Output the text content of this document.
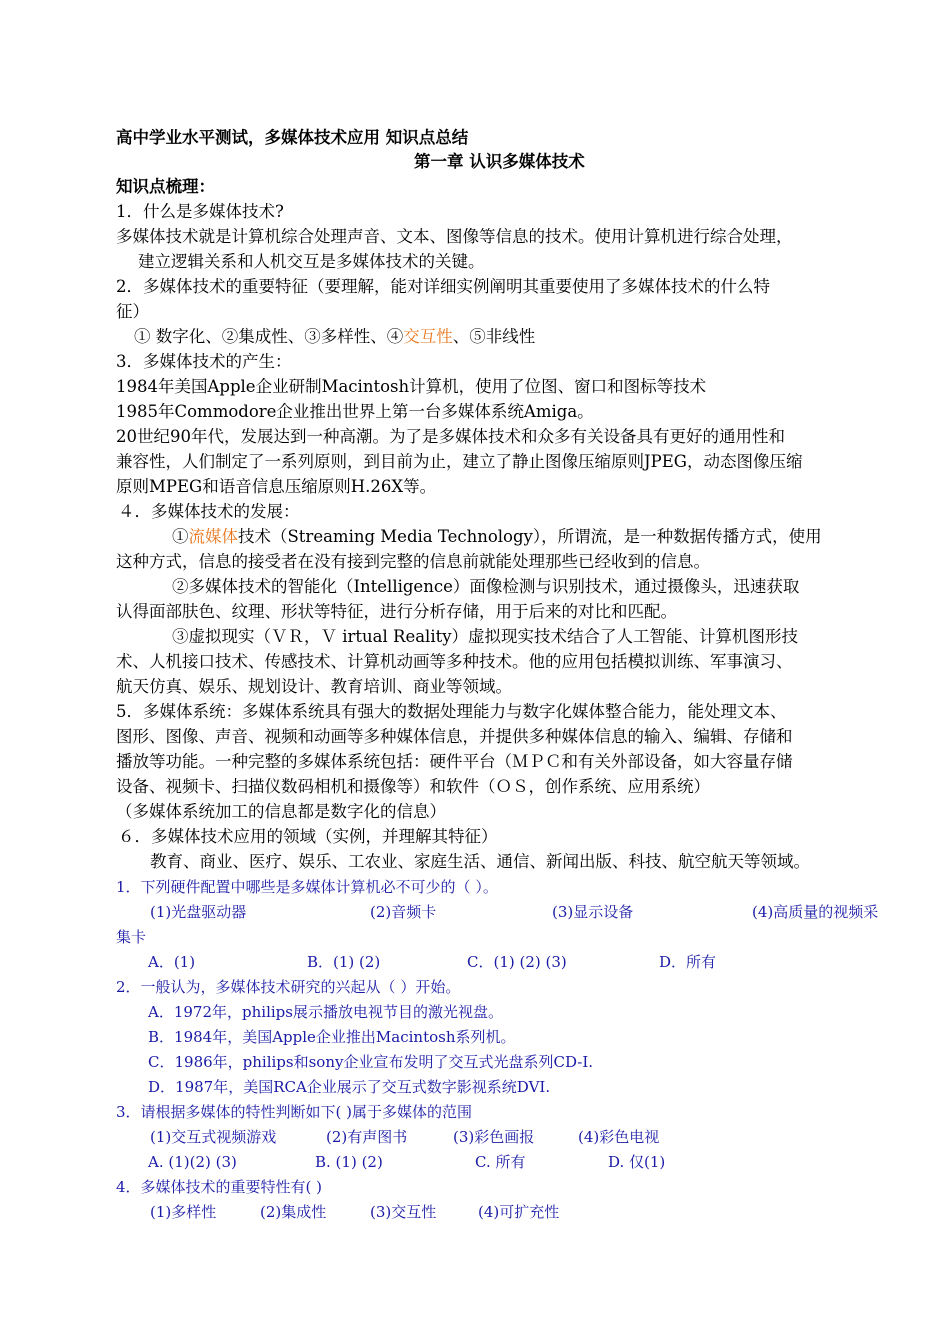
高中学业水平测试，多媒体技术应用 知识点总结
第一章 认识多媒体技术
知识点梳理：
1．什么是多媒体技术?
多媒体技术就是计算机综合处理声音、文本、图像等信息的技术。使用计算机进行综合处理，
建立逻辑关系和人机交互是多媒体技术的关键。
2．多媒体技术的重要特征（要理解，能对详细实例阐明其重要使用了多媒体技术的什么特
征）
① 数字化、②集成性、③多样性、④交互性、⑤非线性
3．多媒体技术的产生：
1984年美国Apple企业研制Macintosh计算机，使用了位图、窗口和图标等技术
1985年Commodore企业推出世界上第一台多媒体系统Amiga。
20世纪90年代，发展达到一种高潮。为了是多媒体技术和众多有关设备具有更好的通用性和
兼容性，人们制定了一系列原则，到目前为止，建立了静止图像压缩原则JPEG，动态图像压缩
原则MPEG和语音信息压缩原则H.26X等。
４．多媒体技术的发展：
①流媒体技术（Streaming Media Technology），所谓流，是一种数据传播方式，使用
这种方式，信息的接受者在没有接到完整的信息前就能处理那些已经收到的信息。
②多媒体技术的智能化（Intelligence）面像检测与识别技术，通过摄像头，迅速获取
认得面部肤色、纹理、形状等特征，进行分析存储，用于后来的对比和匹配。
③虚拟现实（ＶＲ，Ｖ irtual Reality）虚拟现实技术结合了人工智能、计算机图形技
术、人机接口技术、传感技术、计算机动画等多种技术。他的应用包括模拟训练、军事演习、
航天仿真、娱乐、规划设计、教育培训、商业等领域。
5．多媒体系统：多媒体系统具有强大的数据处理能力与数字化媒体整合能力，能处理文本、
图形、图像、声音、视频和动画等多种媒体信息，并提供多种媒体信息的输入、编辑、存储和
播放等功能。一种完整的多媒体系统包括：硬件平台（ＭＰＣ和有关外部设备，如大容量存储
设备、视频卡、扫描仪数码相机和摄像等）和软件（ＯＳ，创作系统、应用系统）
（多媒体系统加工的信息都是数字化的信息）
６．多媒体技术应用的领域（实例，并理解其特征）
教育、商业、医疗、娱乐、工农业、家庭生活、通信、新闻出版、科技、航空航天等领域。
1．下列硬件配置中哪些是多媒体计算机必不可少的（ ）。
(1)光盘驱动器	(2)音频卡	(3)显示设备	(4)高质量的视频采
集卡
A．(1)	B．(1) (2)	C．(1) (2) (3)	D．所有
2．一般认为，多媒体技术研究的兴起从（ ）开始。
A．1972年，philips展示播放电视节目的激光视盘。
B．1984年，美国Apple企业推出Macintosh系列机。
C．1986年，philips和sony企业宣布发明了交互式光盘系列CD-I.
D．1987年，美国RCA企业展示了交互式数字影视系统DVI.
3．请根据多媒体的特性判断如下( )属于多媒体的范围
(1)交互式视频游戏	(2)有声图书	(3)彩色画报	(4)彩色电视
A. (1)(2) (3)	B. (1) (2)	C. 所有	D. 仅(1)
4．多媒体技术的重要特性有( )
(1)多样性	(2)集成性	(3)交互性	(4)可扩充性
